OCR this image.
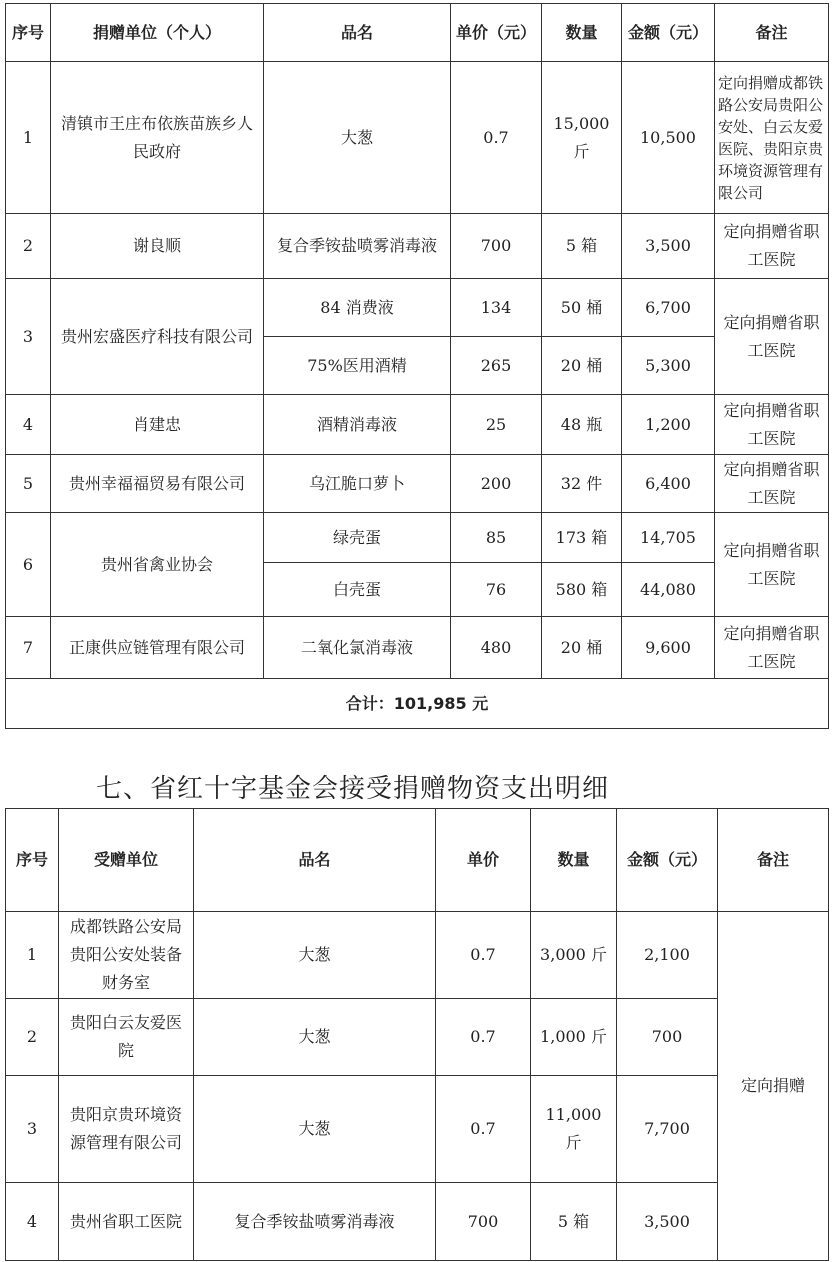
序号	捐赠单位（个人）	品名	单价（元）	数量	金额（元）	备注
1	清镇市王庄布依族苗族乡人民政府	大葱	0.7	15,000斤	10,500	定向捐赠成都铁路公安局贵阳公安处、白云友爱医院、贵阳京贵环境资源管理有限公司
2	谢良顺	复合季铵盐喷雾消毒液	700	5 箱	3,500	定向捐赠省职工医院
3	贵州宏盛医疗科技有限公司	84 消费液	134	50 桶	6,700	定向捐赠省职工医院
		75%医用酒精	265	20 桶	5,300	
4	肖建忠	酒精消毒液	25	48 瓶	1,200	定向捐赠省职工医院
5	贵州幸福福贸易有限公司	乌江脆口萝卜	200	32 件	6,400	定向捐赠省职工医院
6	贵州省禽业协会	绿壳蛋	85	173 箱	14,705	定向捐赠省职工医院
		白壳蛋	76	580 箱	44,080	
7	正康供应链管理有限公司	二氧化氯消毒液	480	20 桶	9,600	定向捐赠省职工医院
合计：101,985 元						
七、省红十字基金会接受捐赠物资支出明细
序号	受赠单位	品名	单价	数量	金额（元）	备注
1	成都铁路公安局贵阳公安处装备财务室	大葱	0.7	3,000 斤	2,100	定向捐赠
2	贵阳白云友爱医院	大葱	0.7	1,000 斤	700	
3	贵阳京贵环境资源管理有限公司	大葱	0.7	11,000 斤	7,700	
4	贵州省职工医院	复合季铵盐喷雾消毒液	700	5 箱	3,500	
